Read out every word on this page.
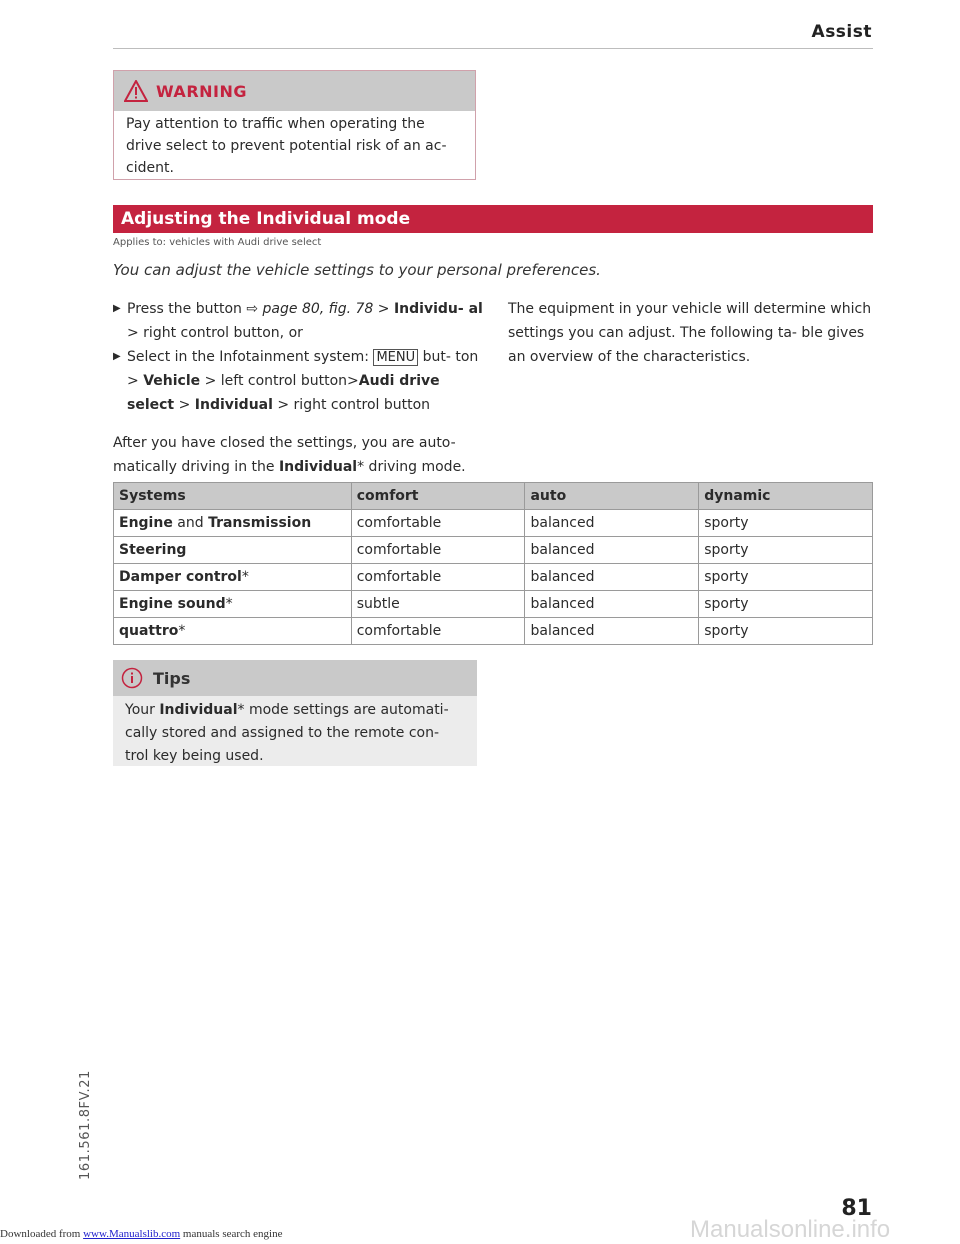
Assist
WARNING
Pay attention to traffic when operating the drive select to prevent potential risk of an ac- cident.
Adjusting the Individual mode
Applies to: vehicles with Audi drive select
You can adjust the vehicle settings to your personal preferences.
▶ Press the button ⇨ page 80, fig. 78 > Individu- al > right control button, or
▶ Select in the Infotainment system: MENU but- ton > Vehicle > left control button>Audi drive select > Individual > right control button
After you have closed the settings, you are auto- matically driving in the Individual* driving mode.
The equipment in your vehicle will determine which settings you can adjust. The following ta- ble gives an overview of the characteristics.
Systems	comfort	auto	dynamic
Engine and Transmission	comfortable	balanced	sporty
Steering	comfortable	balanced	sporty
Damper control*	comfortable	balanced	sporty
Engine sound*	subtle	balanced	sporty
quattro*	comfortable	balanced	sporty
Tips
Your Individual* mode settings are automati- cally stored and assigned to the remote con- trol key being used.
161.561.8FV.21
Manualsonline.info
81
Downloaded from www.Manualslib.com manuals search engine
